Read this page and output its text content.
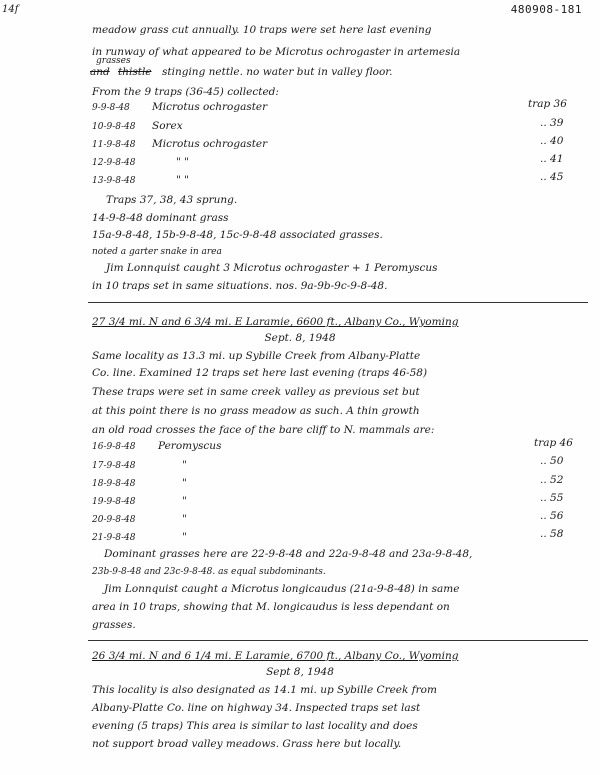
14f	480908-181
meadow grass cut annually. 10 traps were set here last evening
in runway of what appeared to be Microtus ochrogaster in artemesia
and thistle
grasses
stinging nettle. no water but in valley floor.
From the 9 traps (36-45) collected:
9-9-8-48 Microtus ochrogaster	trap 36
10-9-8-48 Sorex	.. 39
11-9-8-48 Microtus ochrogaster	.. 40
12-9-8-48	" "	.. 41
13-9-8-48	" "	.. 45
Traps 37, 38, 43 sprung.
14-9-8-48 dominant grass
15a-9-8-48, 15b-9-8-48, 15c-9-8-48 associated grasses.
noted a garter snake in area
Jim Lonnquist caught 3 Microtus ochrogaster + 1 Peromyscus
in 10 traps set in same situations. nos. 9a-9b-9c-9-8-48.
27 3/4 mi. N and 6 3/4 mi. E Laramie, 6600 ft., Albany Co., Wyoming
Sept. 8, 1948
Same locality as 13.3 mi. up Sybille Creek from Albany-Platte
Co. line. Examined 12 traps set here last evening (traps 46-58)
These traps were set in same creek valley as previous set but
at this point there is no grass meadow as such. A thin growth
an old road crosses the face of the bare cliff to N. mammals are:
16-9-8-48 Peromyscus	trap 46
17-9-8-48	"	.. 50
18-9-8-48	"	.. 52
19-9-8-48	"	.. 55
20-9-8-48	"	.. 56
21-9-8-48	"	.. 58
Dominant grasses here are 22-9-8-48 and 22a-9-8-48 and 23a-9-8-48,
23b-9-8-48 and 23c-9-8-48. as equal subdominants.
Jim Lonnquist caught a Microtus longicaudus (21a-9-8-48) in same
area in 10 traps, showing that M. longicaudus is less dependant on
grasses.
26 3/4 mi. N and 6 1/4 mi. E Laramie, 6700 ft., Albany Co., Wyoming
Sept 8, 1948
This locality is also designated as 14.1 mi. up Sybille Creek from
Albany-Platte Co. line on highway 34. Inspected traps set last
evening (5 traps) This area is similar to last locality and does
not support broad valley meadows. Grass here but locally.
